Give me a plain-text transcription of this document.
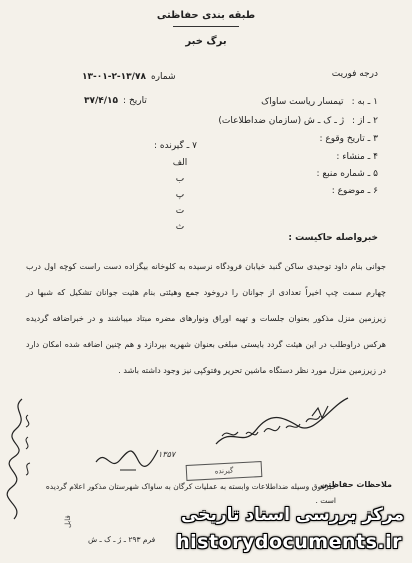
طبقه بندی حفاظتی
برگ خبر
درجه فوریت
شماره
۱۳-۰۱-۲-۱۳/۷۸
تاریخ :
۳۷/۴/۱۵	۱ ـ به :
تیمسار ریاست ساواک
۲ ـ از :
ژ ـ ک ـ ش (سازمان ضداطلاعات)
۳ ـ تاریخ وقوع :
۴ ـ منشاء :
۵ ـ شماره منبع :
۶ ـ موضوع :
۷ ـ گیرنده :
الف
ب
پ
ت
ث
خبرواصله حاکیست :
جوانی بنام داود توحیدی ساکن گنبد خیابان فرودگاه نرسیده به کلوخانه بیگزاده دست راست کوچه اول درب چهارم سمت چپ اخیراً تعدادی از جوانان را دروخود جمع وهیئتی بنام هئیت جوانان تشکیل که شبها در زیرزمین منزل مذکور بعنوان جلسات و تهیه اوراق ونوارهای مضره مبتاد میباشند و در خبراضافه گردیده هرکس دراوطلب در این هیئت گردد بایستی مبلغی بعنوان شهریه بپردازد و هم چنین اضافه شده امکان دارد در زیرزمین منزل مورد نظر دستگاه ماشین تحریر وفتوکپی نیز وجود داشته باشد .
۱۳۵۷
گیرنده
ملاحظات حفاظتی
خبرفوق وسیله ضداطلاعات وابسته به عملیات کرگان به ساواک شهرستان مذکور اعلام گردیده است .
فرم ۲۹۳ ـ ژ ـ ک ـ ش
قابل	مرکز بررسی اسناد تاریخی
historydocuments.ir
